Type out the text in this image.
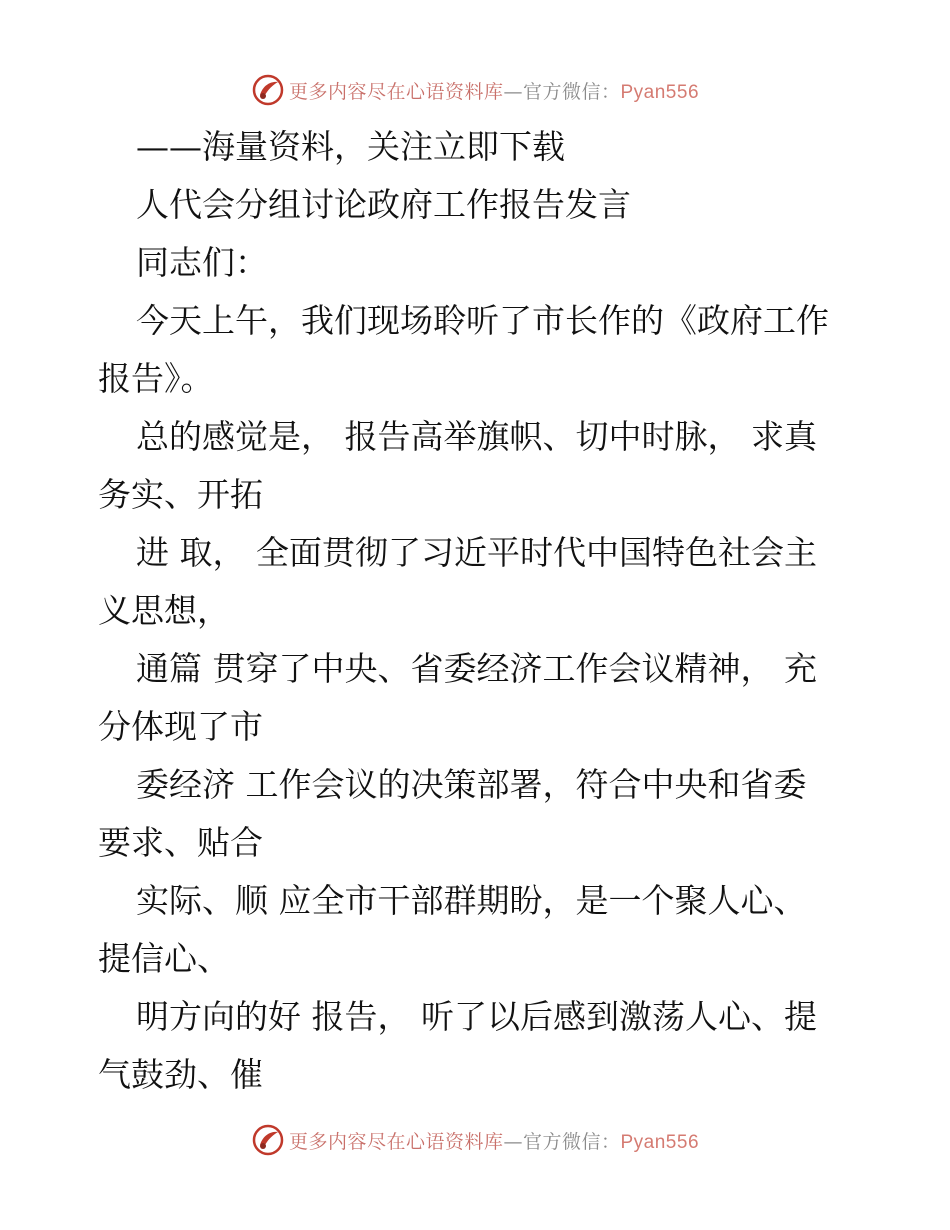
更多内容尽在心语资料库—官方微信：Pyan556
——海量资料，关注立即下载
人代会分组讨论政府工作报告发言
同志们：
今天上午，我们现场聆听了市长作的《政府工作
报告》。
总的感觉是， 报告高举旗帜、切中时脉， 求真
务实、开拓
进 取， 全面贯彻了习近平时代中国特色社会主
义思想，
通篇 贯穿了中央、省委经济工作会议精神， 充
分体现了市
委经济 工作会议的决策部署，符合中央和省委
要求、贴合
实际、顺 应全市干部群期盼，是一个聚人心、
提信心、
明方向的好 报告， 听了以后感到激荡人心、提
气鼓劲、催
更多内容尽在心语资料库—官方微信：Pyan556
